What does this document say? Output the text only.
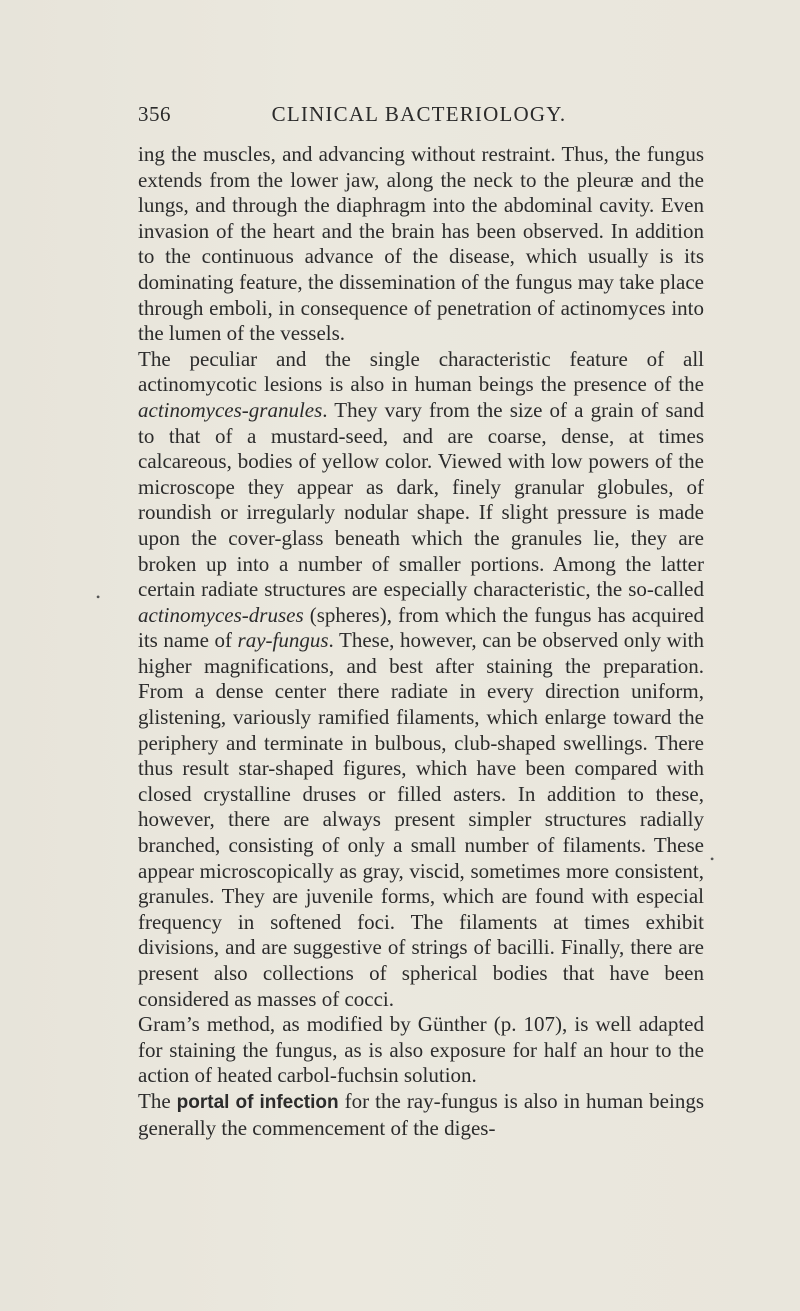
356	CLINICAL BACTERIOLOGY.

ing the muscles, and advancing without restraint. Thus, the fungus extends from the lower jaw, along the neck to the pleuræ and the lungs, and through the diaphragm into the abdominal cavity. Even invasion of the heart and the brain has been observed. In addition to the continuous advance of the disease, which usually is its dominating feature, the dissemination of the fungus may take place through emboli, in consequence of penetration of actinomyces into the lumen of the vessels.

The peculiar and the single characteristic feature of all actinomycotic lesions is also in human beings the presence of the actinomyces-granules. They vary from the size of a grain of sand to that of a mustard-seed, and are coarse, dense, at times calcareous, bodies of yellow color. Viewed with low powers of the microscope they appear as dark, finely granular globules, of roundish or irregularly nodular shape. If slight pressure is made upon the cover-glass beneath which the granules lie, they are broken up into a number of smaller portions. Among the latter certain radiate structures are especially characteristic, the so-called actinomyces-druses (spheres), from which the fungus has acquired its name of ray-fungus. These, however, can be observed only with higher magnifications, and best after staining the preparation. From a dense center there radiate in every direction uniform, glistening, variously ramified filaments, which enlarge toward the periphery and terminate in bulbous, club-shaped swellings. There thus result star-shaped figures, which have been compared with closed crystalline druses or filled asters. In addition to these, however, there are always present simpler structures radially branched, consisting of only a small number of filaments. These appear microscopically as gray, viscid, sometimes more consistent, granules. They are juvenile forms, which are found with especial frequency in softened foci. The filaments at times exhibit divisions, and are suggestive of strings of bacilli. Finally, there are present also collections of spherical bodies that have been considered as masses of cocci.

Gram’s method, as modified by Günther (p. 107), is well adapted for staining the fungus, as is also exposure for half an hour to the action of heated carbol-fuchsin solution.

The portal of infection for the ray-fungus is also in human beings generally the commencement of the diges-

•
•
